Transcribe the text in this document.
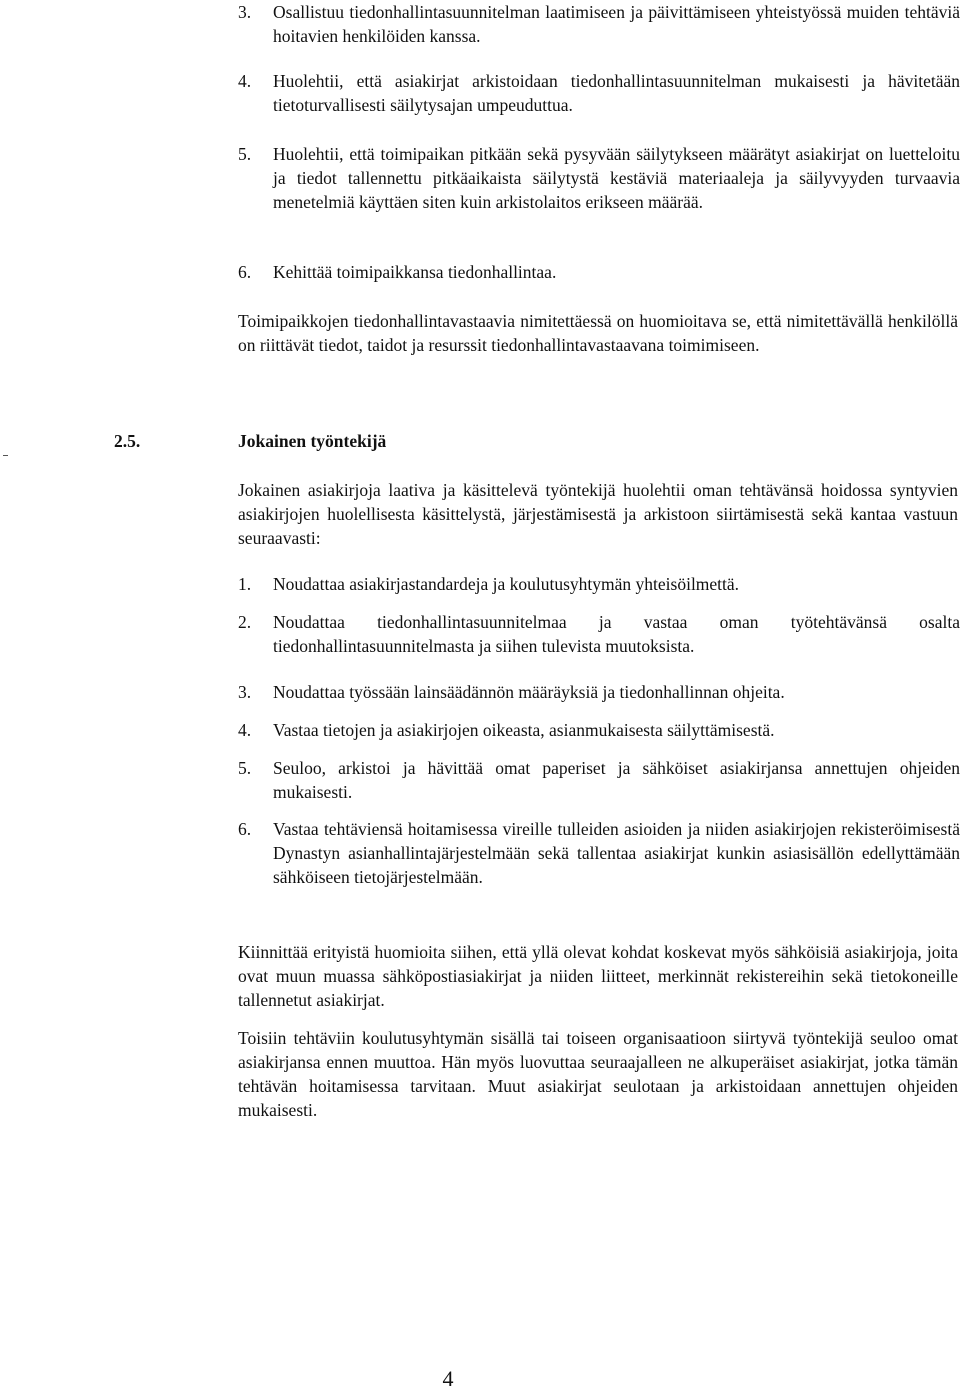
3. Osallistuu tiedonhallintasuunnitelman laatimiseen ja päivittämiseen yhteistyössä muiden tehtäviä hoitavien henkilöiden kanssa.
4. Huolehtii, että asiakirjat arkistoidaan tiedonhallintasuunnitelman mukaisesti ja hävitetään tietoturvallisesti säilytysajan umpeuduttua.
5. Huolehtii, että toimipaikan pitkään sekä pysyvään säilytykseen määrätyt asiakirjat on luetteloitu ja tiedot tallennettu pitkäaikaista säilytystä kestäviä materiaaleja ja säilyvyyden turvaavia menetelmiä käyttäen siten kuin arkistolaitos erikseen määrää.
6. Kehittää toimipaikkansa tiedonhallintaa.

Toimipaikkojen tiedonhallintavastaavia nimitettäessä on huomioitava se, että nimitettävällä henkilöllä on riittävät tiedot, taidot ja resurssit tiedonhallintavastaavana toimimiseen.

2.5.	Jokainen työntekijä

Jokainen asiakirjoja laativa ja käsittelevä työntekijä huolehtii oman tehtävänsä hoidossa syntyvien asiakirjojen huolellisesta käsittelystä, järjestämisestä ja arkistoon siirtämisestä sekä kantaa vastuun seuraavasti:

1. Noudattaa asiakirjastandardeja ja koulutusyhtymän yhteisöilmettä.
2. Noudattaa tiedonhallintasuunnitelmaa ja vastaa oman työtehtävänsä osalta tiedonhallintasuunnitelmasta ja siihen tulevista muutoksista.
3. Noudattaa työssään lainsäädännön määräyksiä ja tiedonhallinnan ohjeita.
4. Vastaa tietojen ja asiakirjojen oikeasta, asianmukaisesta säilyttämisestä.
5. Seuloo, arkistoi ja hävittää omat paperiset ja sähköiset asiakirjansa annettujen ohjeiden mukaisesti.
6. Vastaa tehtäviensä hoitamisessa vireille tulleiden asioiden ja niiden asiakirjojen rekisteröimisestä Dynastyn asianhallintajärjestelmään sekä tallentaa asiakirjat kunkin asiasisällön edellyttämään sähköiseen tietojärjestelmään.

Kiinnittää erityistä huomioita siihen, että yllä olevat kohdat koskevat myös sähköisiä asiakirjoja, joita ovat muun muassa sähköpostiasiakirjat ja niiden liitteet, merkinnät rekistereihin sekä tietokoneille tallennetut asiakirjat.

Toisiin tehtäviin koulutusyhtymän sisällä tai toiseen organisaatioon siirtyvä työntekijä seuloo omat asiakirjansa ennen muuttoa. Hän myös luovuttaa seuraajalleen ne alkuperäiset asiakirjat, jotka tämän tehtävän hoitamisessa tarvitaan. Muut asiakirjat seulotaan ja arkistoidaan annettujen ohjeiden mukaisesti.

4
